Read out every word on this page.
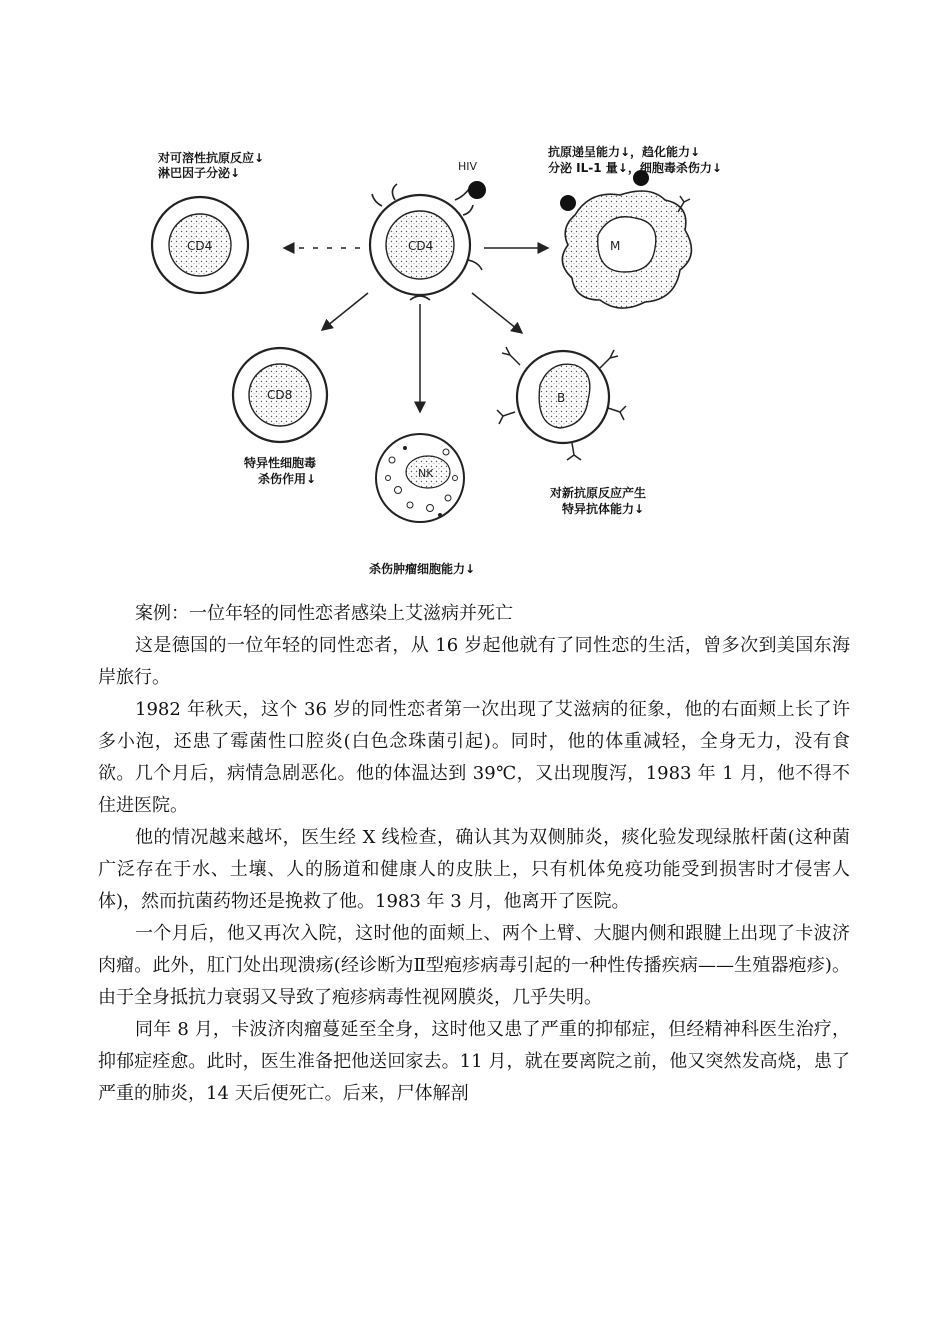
CD4	CD4
HIV
M
CD8
NK
B
对可溶性抗原反应↓
淋巴因子分泌↓
抗原递呈能力↓，趋化能力↓
分泌 IL-1 量↓，细胞毒杀伤力↓
特异性细胞毒
杀伤作用↓
对新抗原反应产生
特异抗体能力↓
杀伤肿瘤细胞能力↓

案例：一位年轻的同性恋者感染上艾滋病并死亡

这是德国的一位年轻的同性恋者，从 16 岁起他就有了同性恋的生活，曾多次到美国东海岸旅行。

1982 年秋天，这个 36 岁的同性恋者第一次出现了艾滋病的征象，他的右面颊上长了许多小泡，还患了霉菌性口腔炎(白色念珠菌引起)。同时，他的体重减轻，全身无力，没有食欲。几个月后，病情急剧恶化。他的体温达到 39℃，又出现腹泻，1983 年 1 月，他不得不住进医院。

他的情况越来越坏，医生经 X 线检查，确认其为双侧肺炎，痰化验发现绿脓杆菌(这种菌广泛存在于水、土壤、人的肠道和健康人的皮肤上，只有机体免疫功能受到损害时才侵害人体)，然而抗菌药物还是挽救了他。1983 年 3 月，他离开了医院。

一个月后，他又再次入院，这时他的面颊上、两个上臂、大腿内侧和跟腱上出现了卡波济肉瘤。此外，肛门处出现溃疡(经诊断为Ⅱ型疱疹病毒引起的一种性传播疾病——生殖器疱疹)。由于全身抵抗力衰弱又导致了疱疹病毒性视网膜炎，几乎失明。

同年 8 月，卡波济肉瘤蔓延至全身，这时他又患了严重的抑郁症，但经精神科医生治疗，抑郁症痊愈。此时，医生准备把他送回家去。11 月，就在要离院之前，他又突然发高烧，患了严重的肺炎，14 天后便死亡。后来，尸体解剖
